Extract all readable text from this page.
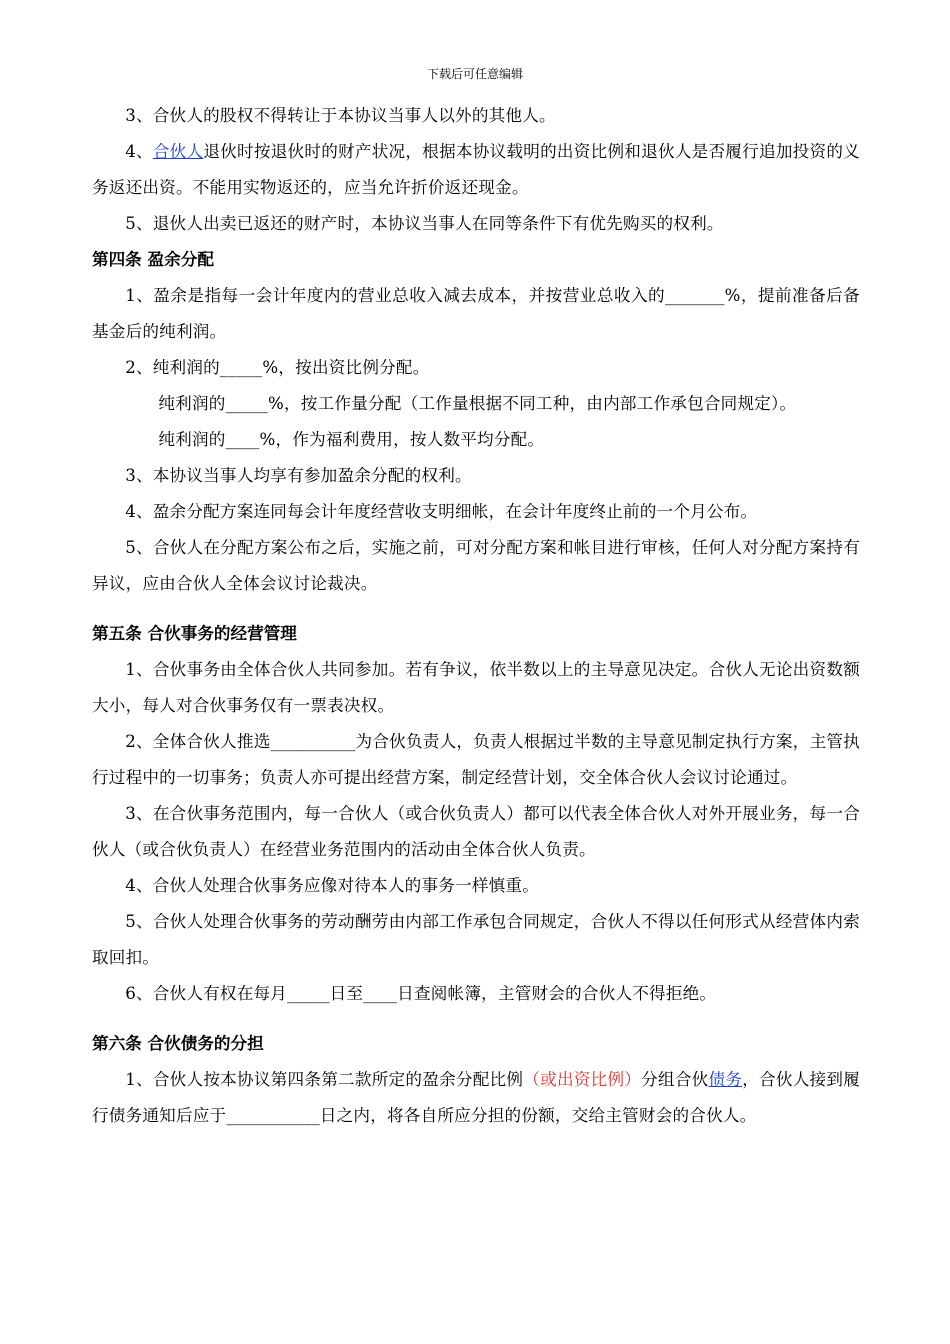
下载后可任意编辑

3、合伙人的股权不得转让于本协议当事人以外的其他人。

4、合伙人退伙时按退伙时的财产状况，根据本协议载明的出资比例和退伙人是否履行追加投资的义务返还出资。不能用实物返还的，应当允许折价返还现金。

5、退伙人出卖已返还的财产时，本协议当事人在同等条件下有优先购买的权利。

第四条 盈余分配

1、盈余是指每一会计年度内的营业总收入减去成本，并按营业总收入的_______%，提前准备后备基金后的纯利润。

2、纯利润的_____%，按出资比例分配。

纯利润的_____%，按工作量分配（工作量根据不同工种，由内部工作承包合同规定）。

纯利润的____%，作为福利费用，按人数平均分配。

3、本协议当事人均享有参加盈余分配的权利。

4、盈余分配方案连同每会计年度经营收支明细帐，在会计年度终止前的一个月公布。

5、合伙人在分配方案公布之后，实施之前，可对分配方案和帐目进行审核，任何人对分配方案持有异议，应由合伙人全体会议讨论裁决。

第五条 合伙事务的经营管理

1、合伙事务由全体合伙人共同参加。若有争议，依半数以上的主导意见决定。合伙人无论出资数额大小，每人对合伙事务仅有一票表决权。

2、全体合伙人推选__________为合伙负责人，负责人根据过半数的主导意见制定执行方案，主管执行过程中的一切事务；负责人亦可提出经营方案，制定经营计划，交全体合伙人会议讨论通过。

3、在合伙事务范围内，每一合伙人（或合伙负责人）都可以代表全体合伙人对外开展业务，每一合伙人（或合伙负责人）在经营业务范围内的活动由全体合伙人负责。

4、合伙人处理合伙事务应像对待本人的事务一样慎重。

5、合伙人处理合伙事务的劳动酬劳由内部工作承包合同规定，合伙人不得以任何形式从经营体内索取回扣。

6、合伙人有权在每月_____日至____日查阅帐簿，主管财会的合伙人不得拒绝。

第六条 合伙债务的分担

1、合伙人按本协议第四条第二款所定的盈余分配比例（或出资比例）分组合伙债务，合伙人接到履行债务通知后应于___________日之内，将各自所应分担的份额，交给主管财会的合伙人。
